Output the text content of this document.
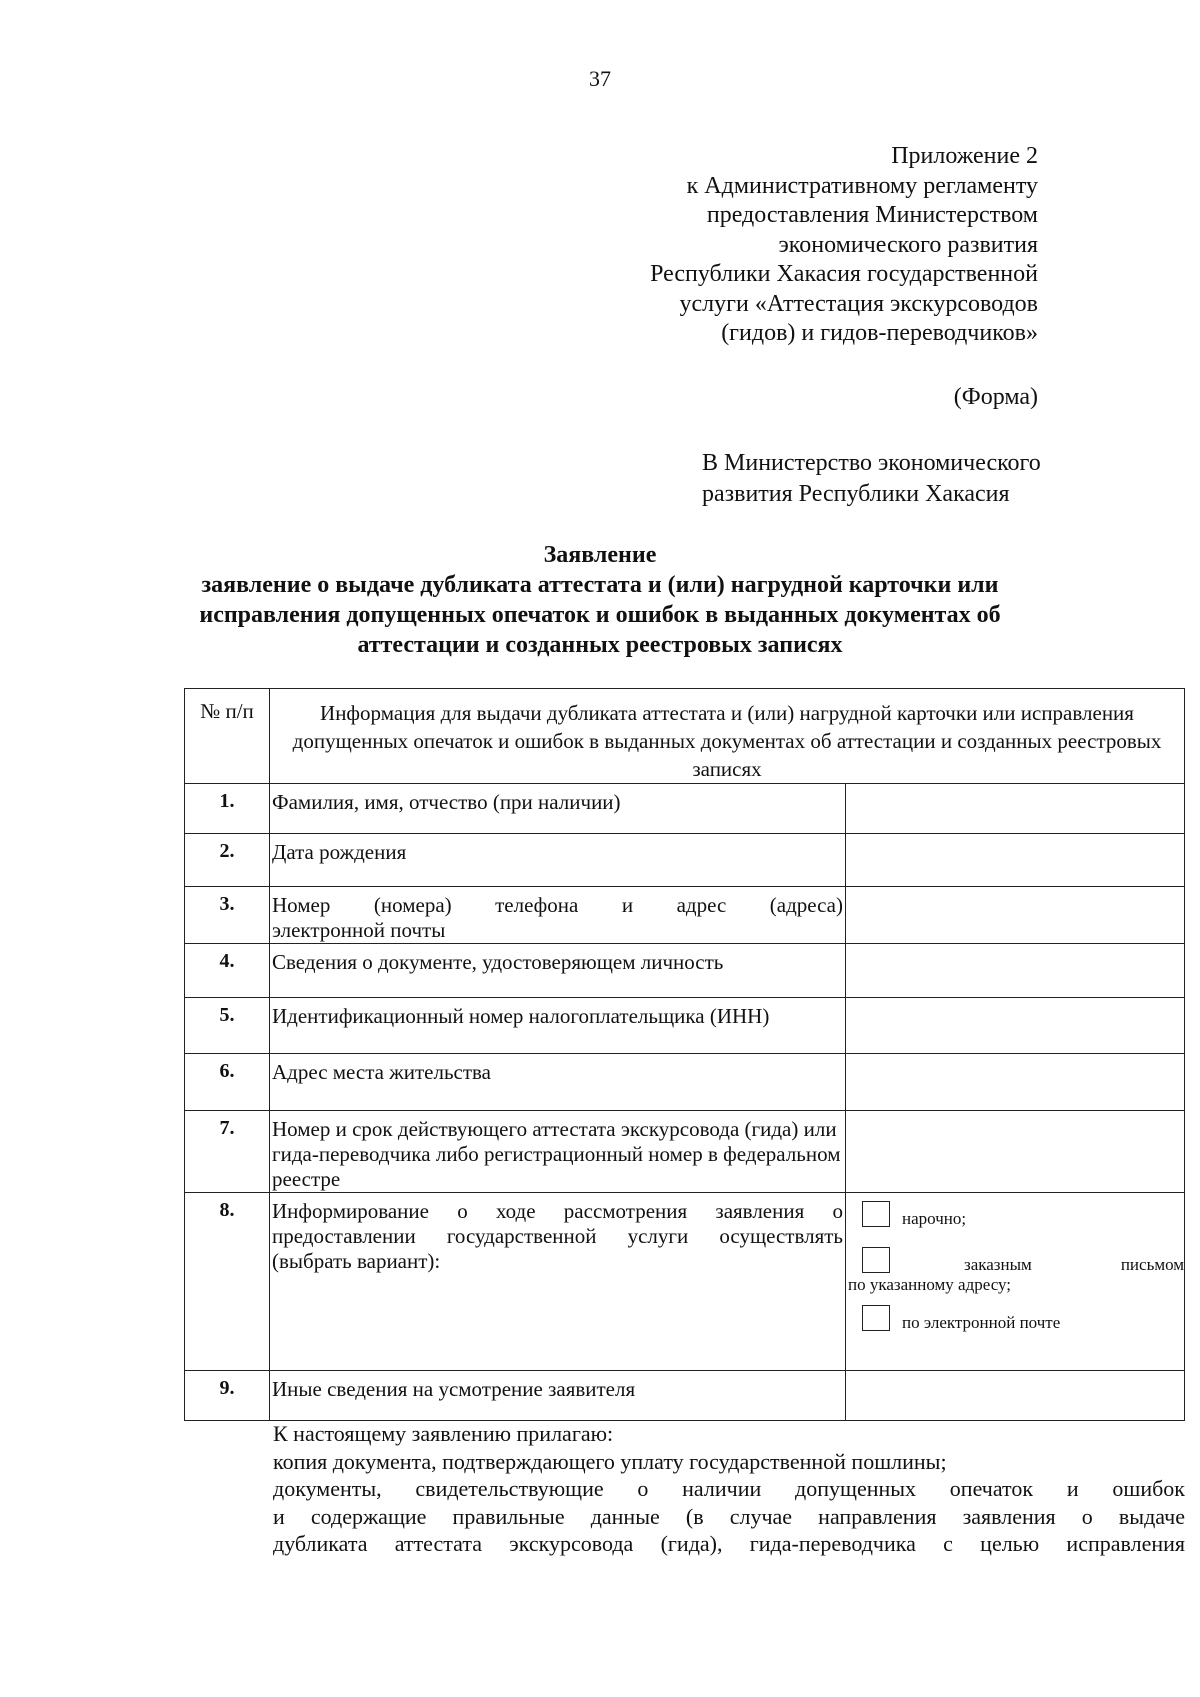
37
Приложение 2
к Административному регламенту
предоставления Министерством
экономического развития
Республики Хакасия государственной
услуги «Аттестация экскурсоводов
(гидов) и гидов-переводчиков»
(Форма)
В Министерство экономического
развития Республики Хакасия
Заявление
заявление о выдаче дубликата аттестата и (или) нагрудной карточки или
исправления допущенных опечаток и ошибок в выданных документах об
аттестации и созданных реестровых записях
№ п/п	Информация для выдачи дубликата аттестата и (или) нагрудной карточки или исправления допущенных опечаток и ошибок в выданных документах об аттестации и созданных реестровых записях	
1.	Фамилия, имя, отчество (при наличии)	
2.	Дата рождения	
3.	Номер (номера) телефона и адрес (адреса)
электронной почты	

4.	Сведения о документе, удостоверяющем личность	
5.	Идентификационный номер налогоплательщика (ИНН)	
6.	Адрес места жительства	
7.	Номер и срок действующего аттестата экскурсовода (гида) или гида-переводчика либо регистрационный номер в федеральном реестре	
8.	Информирование о ходе рассмотрения заявления о предоставлении государственной услуги осуществлять (выбрать вариант):	нарочно;
заказным письмом
по указанному адресу;
по электронной почте

9.	Иные сведения на усмотрение заявителя	

К настоящему заявлению прилагаю:

копия документа, подтверждающего уплату государственной пошлины;

документы, свидетельствующие о наличии допущенных опечаток и ошибок

и содержащие правильные данные (в случае направления заявления о выдаче

дубликата аттестата экскурсовода (гида), гида-переводчика с целью исправления
